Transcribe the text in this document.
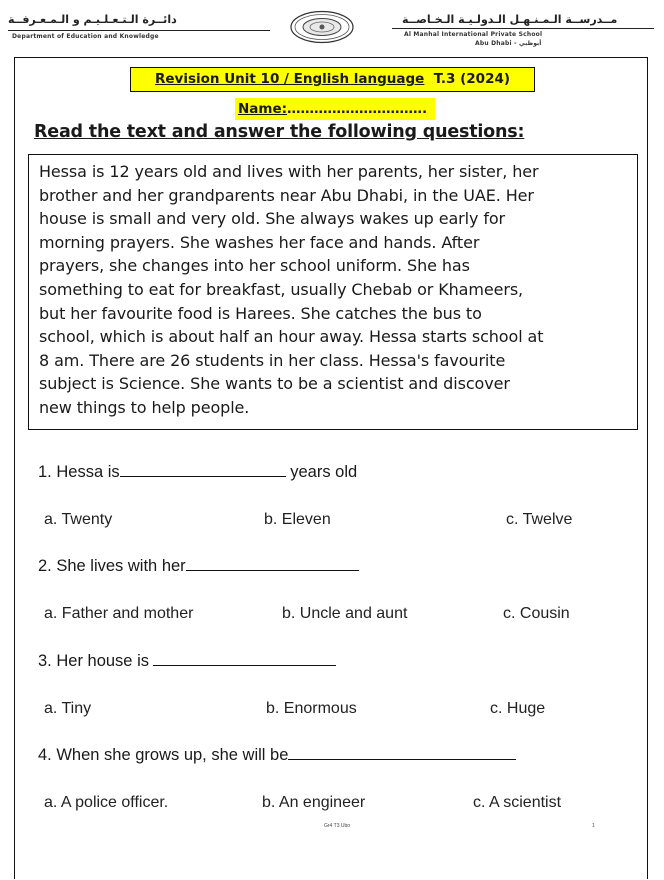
دائــرة الـتـعـلـيـم و الـمـعـرفــة
Department of Education and Knowledge
مــدرســة الـمـنـهـل الـدولـيـة الـخـاصــة
Al Manhal International Private School
Abu Dhabi - أبوظبي
Revision Unit 10 / English language T.3 (2024)
Name:………………………….
Read the text and answer the following questions:
Hessa is 12 years old and lives with her parents, her sister, her
brother and her grandparents near Abu Dhabi, in the UAE. Her
house is small and very old. She always wakes up early for
morning prayers. She washes her face and hands. After
prayers, she changes into her school uniform. She has
something to eat for breakfast, usually Chebab or Khameers,
but her favourite food is Harees. She catches the bus to
school, which is about half an hour away. Hessa starts school at
8 am. There are 26 students in her class. Hessa's favourite
subject is Science. She wants to be a scientist and discover
new things to help people.
1. Hessa is	years old
a. Twenty	b. Eleven	c. Twelve
2. She lives with her
a. Father and mother	b. Uncle and aunt	c. Cousin
3. Her house is
a. Tiny	b. Enormous	c. Huge
4. When she grows up, she will be
a. A police officer.	b. An engineer	c. A scientist
Gr4 T3 Ubo	1
